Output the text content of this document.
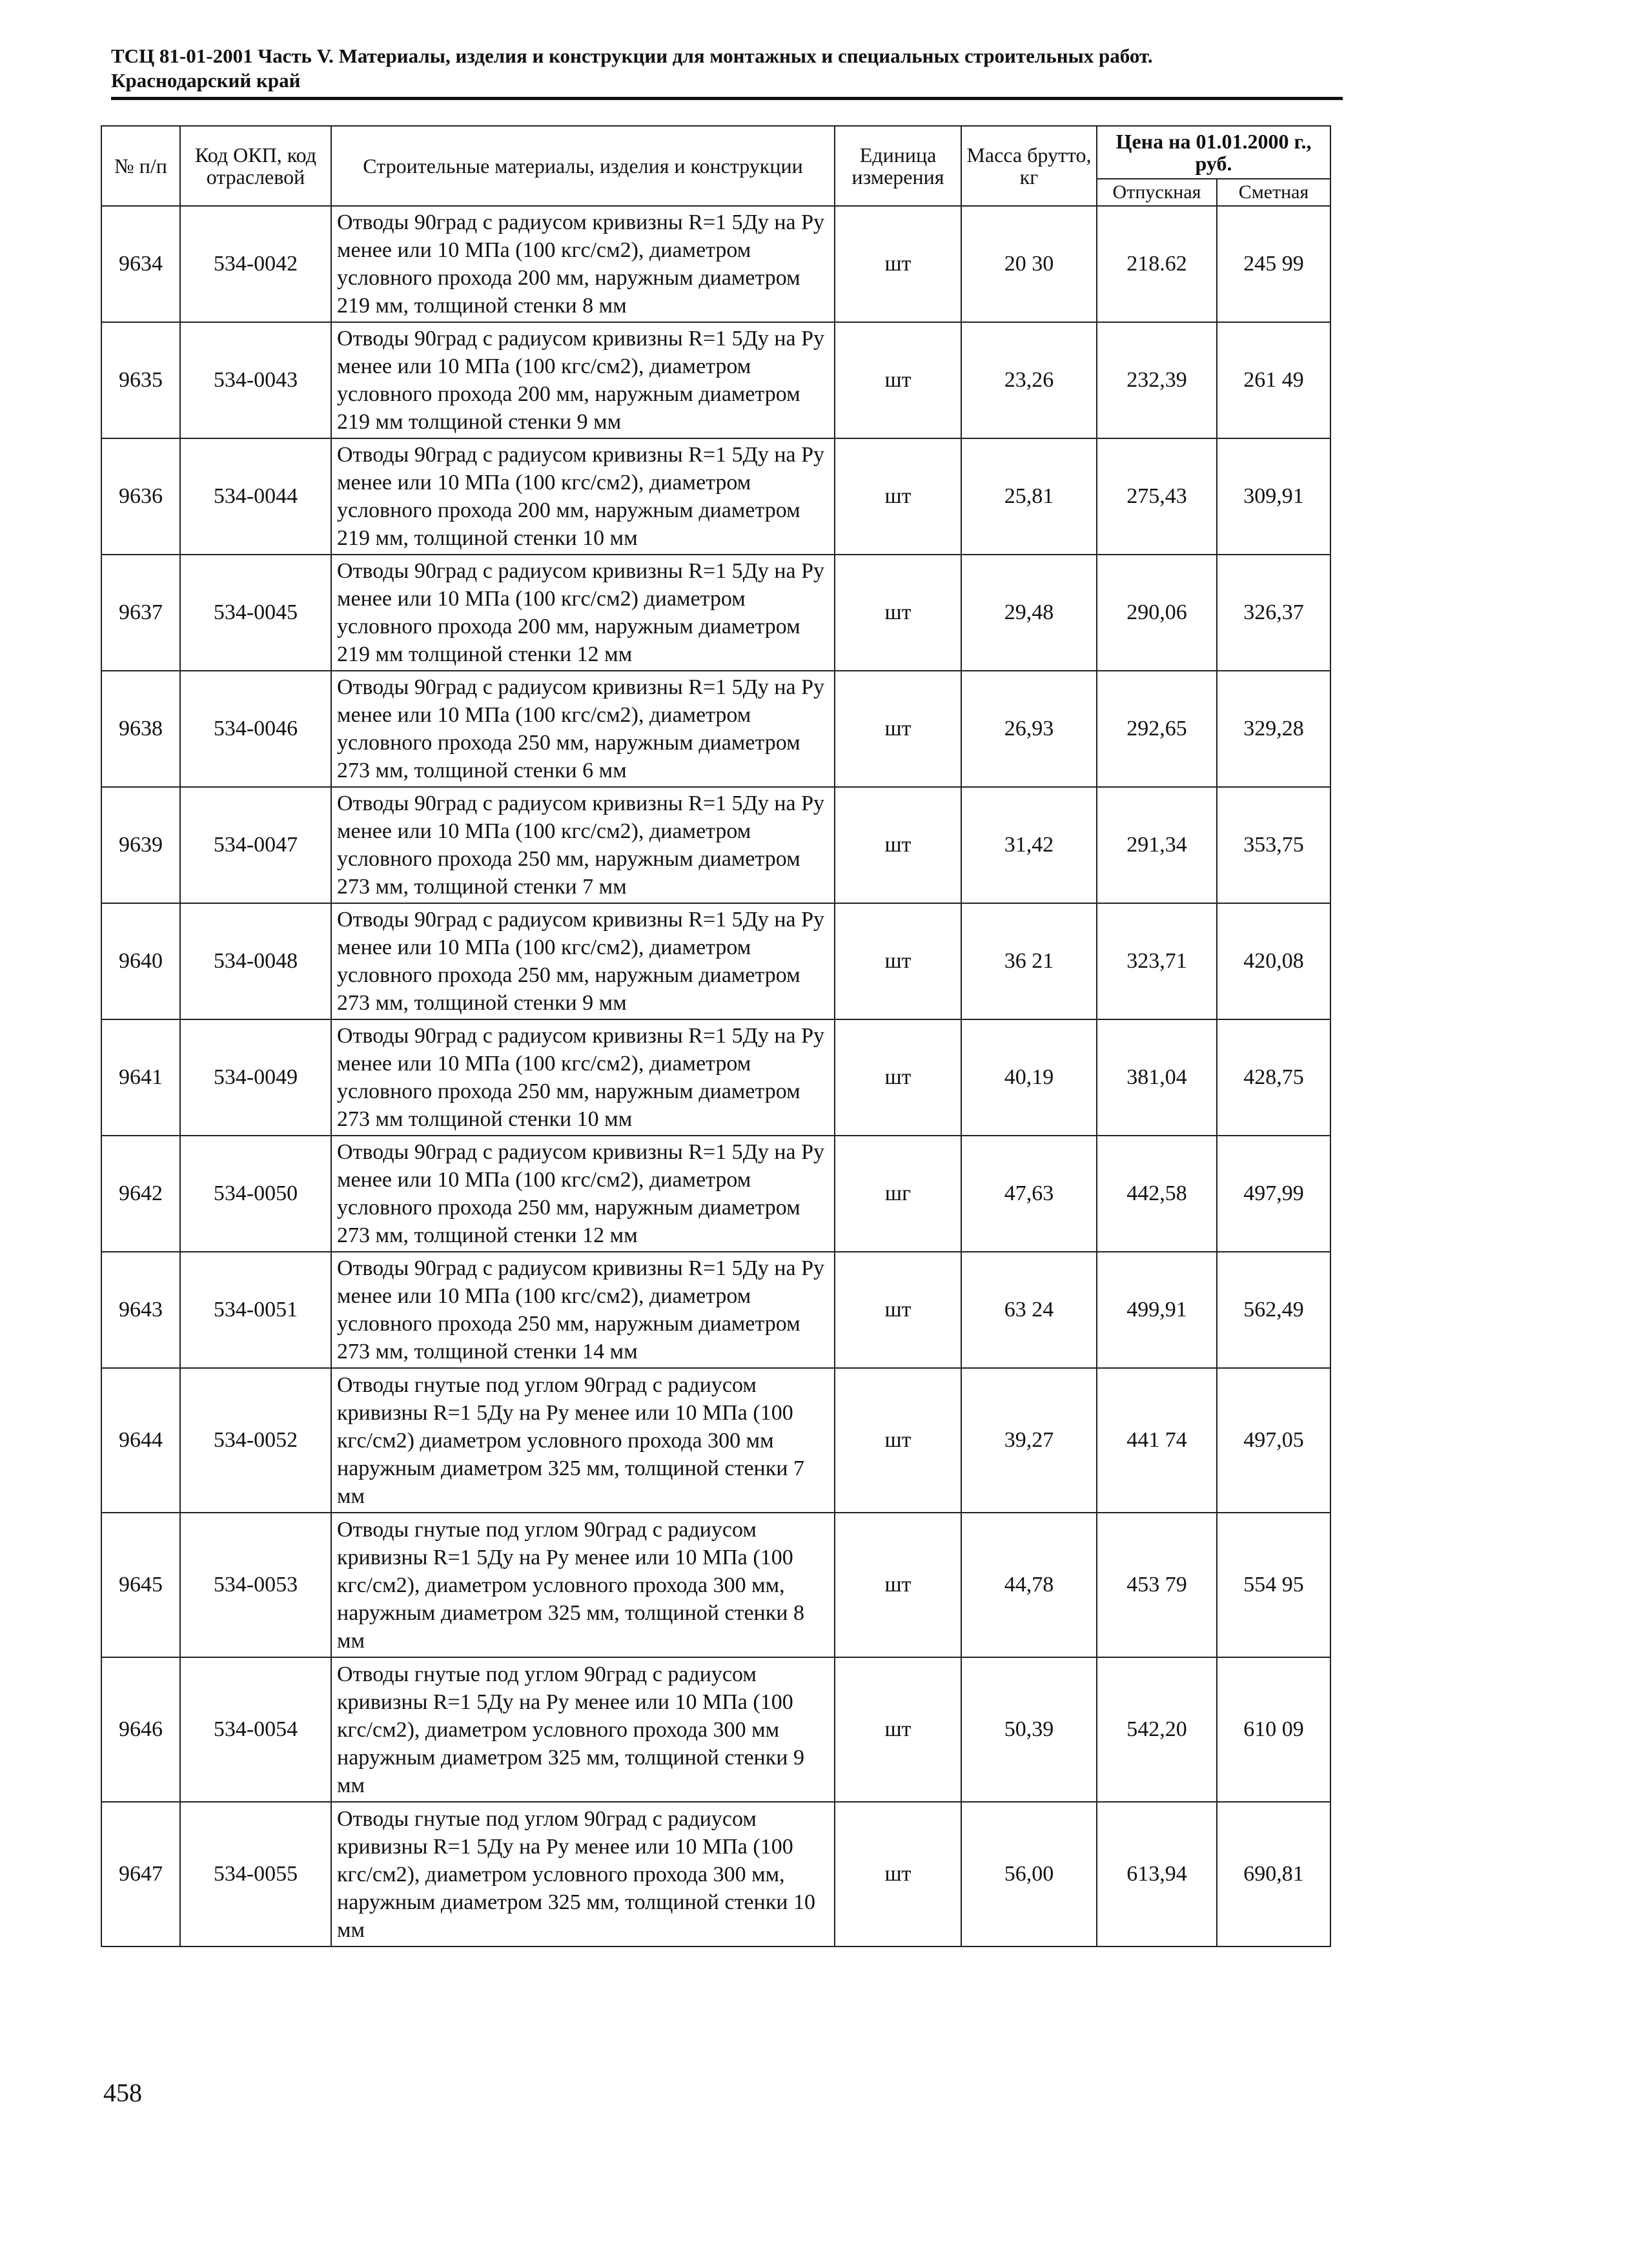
ТСЦ 81-01-2001 Часть V. Материалы, изделия и конструкции для монтажных и специальных строительных работ.
Краснодарский край
№ п/п	Код ОКП, код отраслевой	Строительные материалы, изделия и конструкции	Единица измерения	Масса брутто, кг	Цена на 01.01.2000 г., руб.	
					Отпускная	Сметная
9634	534-0042	Отводы 90град с радиусом кривизны R=1 5Ду на Ру менее или 10 МПа (100 кгс/см2), диаметром условного прохода 200 мм, наружным диаметром 219 мм, толщиной стенки 8 мм	шт	20 30	218.62	245 99
9635	534-0043	Отводы 90град с радиусом кривизны R=1 5Ду на Ру менее или 10 МПа (100 кгс/см2), диаметром условного прохода 200 мм, наружным диаметром 219 мм толщиной стенки 9 мм	шт	23,26	232,39	261 49
9636	534-0044	Отводы 90град с радиусом кривизны R=1 5Ду на Ру менее или 10 МПа (100 кгс/см2), диаметром условного прохода 200 мм, наружным диаметром 219 мм, толщиной стенки 10 мм	шт	25,81	275,43	309,91
9637	534-0045	Отводы 90град с радиусом кривизны R=1 5Ду на Ру менее или 10 МПа (100 кгс/см2) диаметром условного прохода 200 мм, наружным диаметром 219 мм толщиной стенки 12 мм	шт	29,48	290,06	326,37
9638	534-0046	Отводы 90град с радиусом кривизны R=1 5Ду на Ру менее или 10 МПа (100 кгс/см2), диаметром условного прохода 250 мм, наружным диаметром 273 мм, толщиной стенки 6 мм	шт	26,93	292,65	329,28
9639	534-0047	Отводы 90град с радиусом кривизны R=1 5Ду на Ру менее или 10 МПа (100 кгс/см2), диаметром условного прохода 250 мм, наружным диаметром 273 мм, толщиной стенки 7 мм	шт	31,42	291,34	353,75
9640	534-0048	Отводы 90град с радиусом кривизны R=1 5Ду на Ру менее или 10 МПа (100 кгс/см2), диаметром условного прохода 250 мм, наружным диаметром 273 мм, толщиной стенки 9 мм	шт	36 21	323,71	420,08
9641	534-0049	Отводы 90град с радиусом кривизны R=1 5Ду на Ру менее или 10 МПа (100 кгс/см2), диаметром условного прохода 250 мм, наружным диаметром 273 мм толщиной стенки 10 мм	шт	40,19	381,04	428,75
9642	534-0050	Отводы 90град с радиусом кривизны R=1 5Ду на Ру менее или 10 МПа (100 кгс/см2), диаметром условного прохода 250 мм, наружным диаметром 273 мм, толщиной стенки 12 мм	шг	47,63	442,58	497,99
9643	534-0051	Отводы 90град с радиусом кривизны R=1 5Ду на Ру менее или 10 МПа (100 кгс/см2), диаметром условного прохода 250 мм, наружным диаметром 273 мм, толщиной стенки 14 мм	шт	63 24	499,91	562,49
9644	534-0052	Отводы гнутые под углом 90град с радиусом кривизны R=1 5Ду на Ру менее или 10 МПа (100 кгс/см2) диаметром условного прохода 300 мм наружным диаметром 325 мм, толщиной стенки 7 мм	шт	39,27	441 74	497,05
9645	534-0053	Отводы гнутые под углом 90град с радиусом кривизны R=1 5Ду на Ру менее или 10 МПа (100 кгс/см2), диаметром условного прохода 300 мм, наружным диаметром 325 мм, толщиной стенки 8 мм	шт	44,78	453 79	554 95
9646	534-0054	Отводы гнутые под углом 90град с радиусом кривизны R=1 5Ду на Ру менее или 10 МПа (100 кгс/см2), диаметром условного прохода 300 мм наружным диаметром 325 мм, толщиной стенки 9 мм	шт	50,39	542,20	610 09
9647	534-0055	Отводы гнутые под углом 90град с радиусом кривизны R=1 5Ду на Ру менее или 10 МПа (100 кгс/см2), диаметром условного прохода 300 мм, наружным диаметром 325 мм, толщиной стенки 10 мм	шт	56,00	613,94	690,81
458
